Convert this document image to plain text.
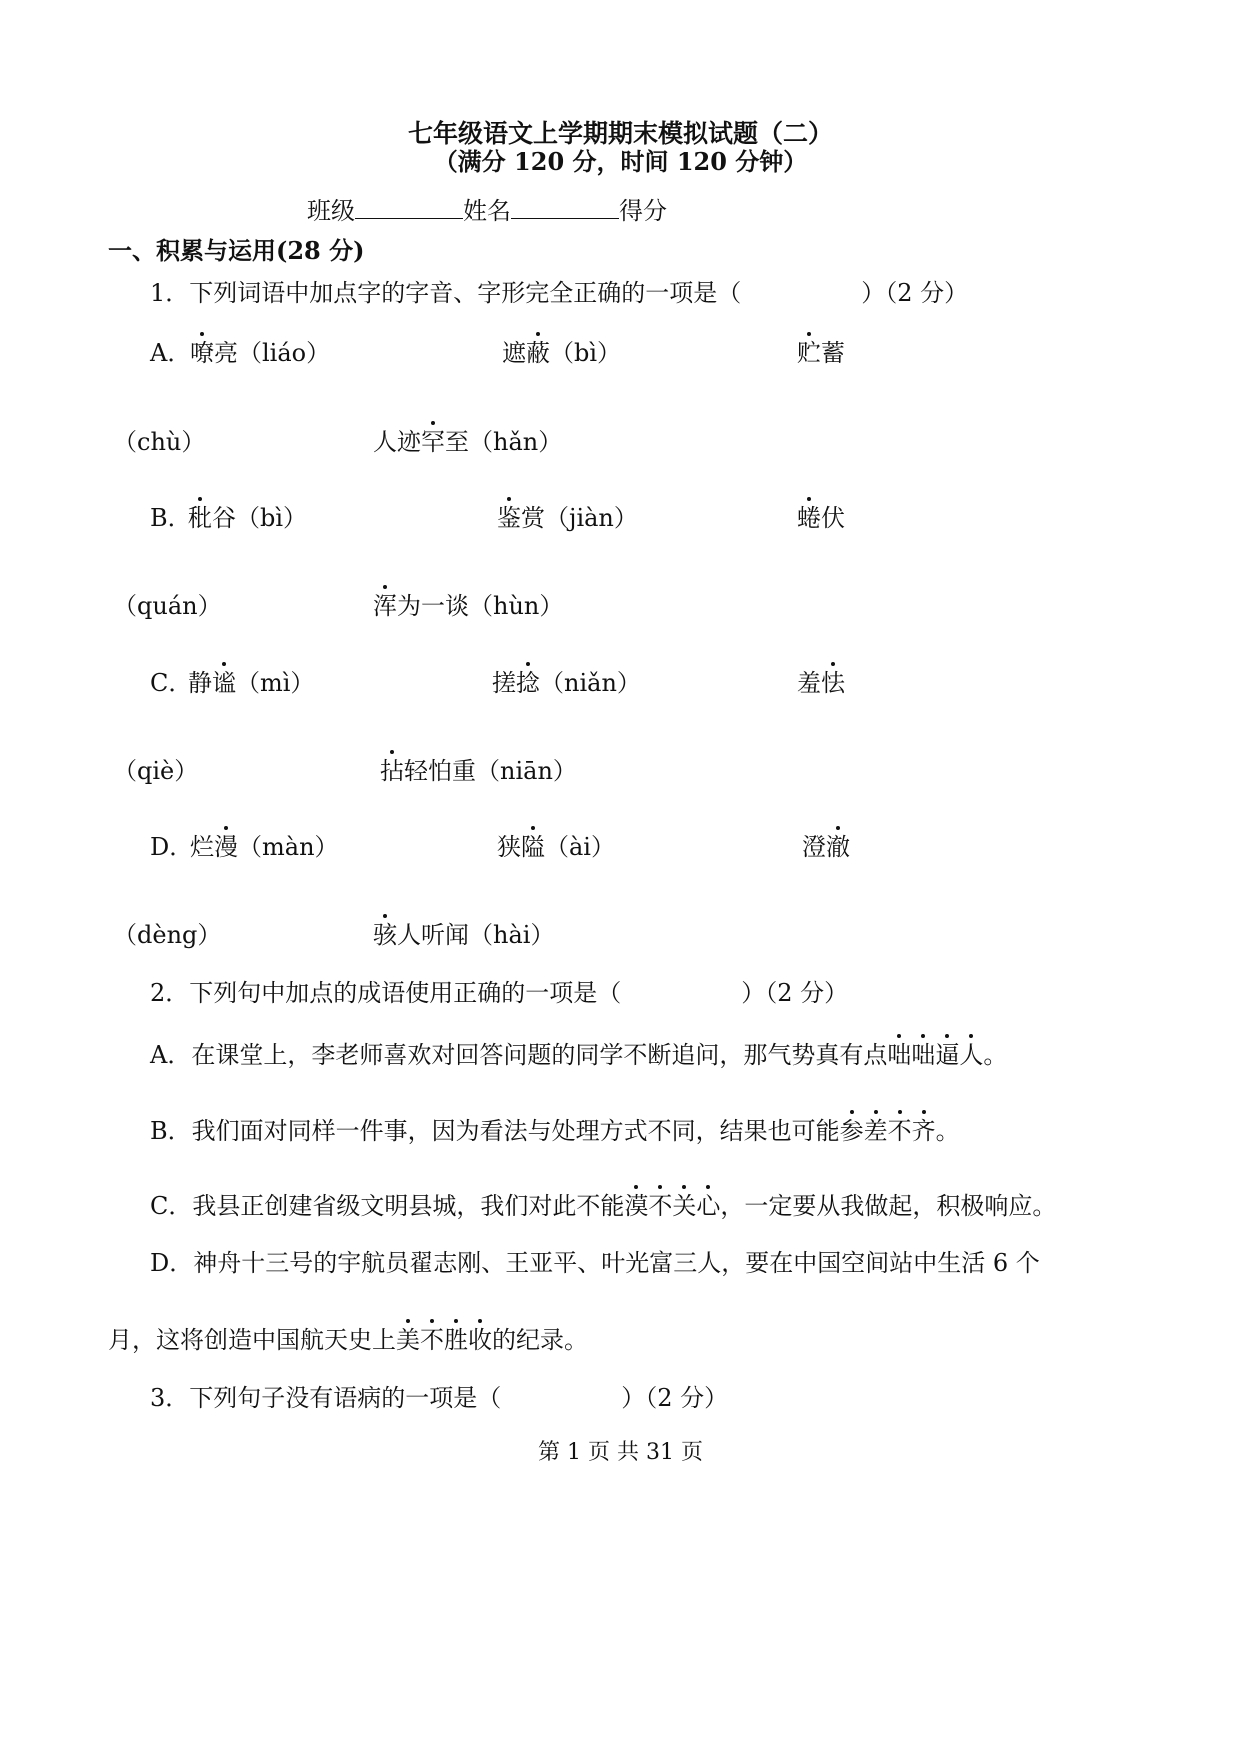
七年级语文上学期期末模拟试题（二）
（满分 120 分，时间 120 分钟）
班级	姓名	得分
一、积累与运用(28 分)
1．下列词语中加点字的字音、字形完全正确的一项是（　　　　　）（2 分）
A．
嘹亮（liáo）	遮蔽（bì）	贮蓄
（chù）	人迹罕至（hǎn）
B．
秕谷（bì）	鉴赏（jiàn）	蜷伏
（quán）	浑为一谈（hùn）
C．
静谧（mì）	搓捻（niǎn）	羞怯
（qiè）	拈轻怕重（niān）
D．
烂漫（màn）	狭隘（ài）	澄澈
（dèng）	骇人听闻（hài）
2．下列句中加点的成语使用正确的一项是（　　　　　）（2 分）
A．在课堂上，李老师喜欢对回答问题的同学不断追问，那气势真有点咄咄逼人。
B．我们面对同样一件事，因为看法与处理方式不同，结果也可能参差不齐。
C．我县正创建省级文明县城，我们对此不能漠不关心，一定要从我做起，积极响应。
D．神舟十三号的宇航员翟志刚、王亚平、叶光富三人，要在中国空间站中生活 6 个
月，这将创造中国航天史上美不胜收的纪录。
3．下列句子没有语病的一项是（　　　　　）（2 分）
第 1 页 共 31 页
